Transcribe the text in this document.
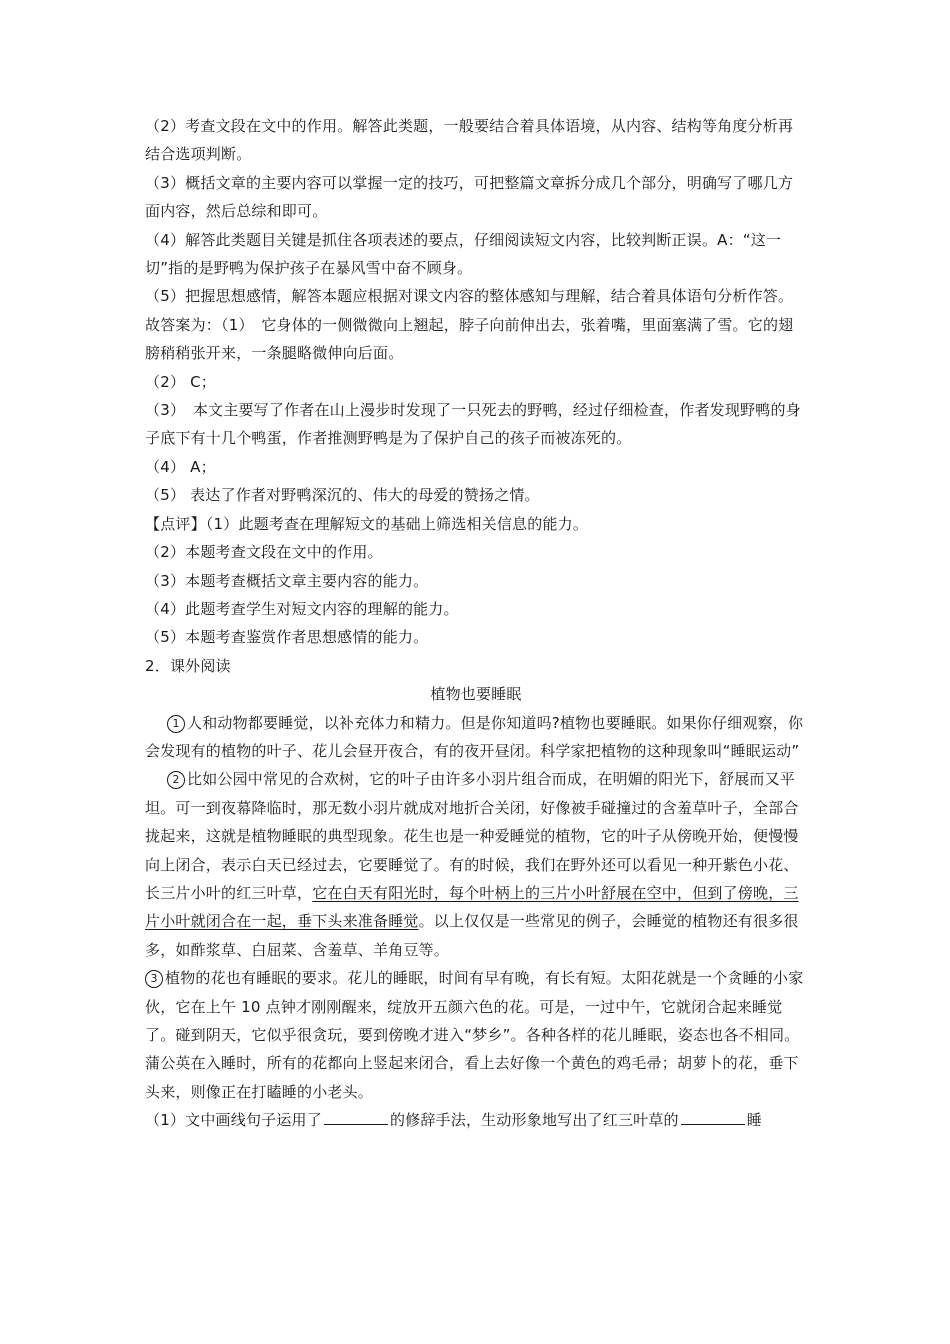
（2）考查文段在文中的作用。解答此类题，一般要结合着具体语境，从内容、结构等角度分析再结合选项判断。

（3）概括文章的主要内容可以掌握一定的技巧，可把整篇文章拆分成几个部分，明确写了哪几方面内容，然后总综和即可。

（4）解答此类题目关键是抓住各项表述的要点，仔细阅读短文内容，比较判断正误。A：“这一切”指的是野鸭为保护孩子在暴风雪中奋不顾身。

（5）把握思想感情，解答本题应根据对课文内容的整体感知与理解，结合着具体语句分析作答。

故答案为：（1）　它身体的一侧微微向上翘起，脖子向前伸出去，张着嘴，里面塞满了雪。它的翅膀稍稍张开来，一条腿略微伸向后面。

（2） C；

（3）　本文主要写了作者在山上漫步时发现了一只死去的野鸭，经过仔细检查，作者发现野鸭的身子底下有十几个鸭蛋，作者推测野鸭是为了保护自己的孩子而被冻死的。

（4） A；

（5） 表达了作者对野鸭深沉的、伟大的母爱的赞扬之情。

【点评】（1）此题考查在理解短文的基础上筛选相关信息的能力。

（2）本题考查文段在文中的作用。

（3）本题考查概括文章主要内容的能力。

（4）此题考查学生对短文内容的理解的能力。

（5）本题考查鉴赏作者思想感情的能力。

2．课外阅读

植物也要睡眠

1 人和动物都要睡觉，以补充体力和精力。但是你知道吗?植物也要睡眠。如果你仔细观察，你会发现有的植物的叶子、花儿会昼开夜合，有的夜开昼闭。科学家把植物的这种现象叫“睡眠运动”

2 比如公园中常见的合欢树，它的叶子由许多小羽片组合而成，在明媚的阳光下，舒展而又平坦。可一到夜幕降临时，那无数小羽片就成对地折合关闭，好像被手碰撞过的含羞草叶子，全部合拢起来，这就是植物睡眠的典型现象。花生也是一种爱睡觉的植物，它的叶子从傍晚开始，便慢慢向上闭合，表示白天已经过去，它要睡觉了。有的时候，我们在野外还可以看见一种开紫色小花、长三片小叶的红三叶草，它在白天有阳光时，每个叶柄上的三片小叶舒展在空中，但到了傍晚，三片小叶就闭合在一起，垂下头来准备睡觉。以上仅仅是一些常见的例子，会睡觉的植物还有很多很多，如酢浆草、白屈菜、含羞草、羊角豆等。

3 植物的花也有睡眠的要求。花儿的睡眠，时间有早有晚，有长有短。太阳花就是一个贪睡的小家伙，它在上午 10 点钟才刚刚醒来，绽放开五颜六色的花。可是，一过中午，它就闭合起来睡觉了。碰到阴天，它似乎很贪玩，要到傍晚才进入“梦乡”。各种各样的花儿睡眠，姿态也各不相同。蒲公英在入睡时，所有的花都向上竖起来闭合，看上去好像一个黄色的鸡毛帚；胡萝卜的花，垂下头来，则像正在打瞌睡的小老头。

（1）文中画线句子运用了	的修辞手法，生动形象地写出了红三叶草的	睡
